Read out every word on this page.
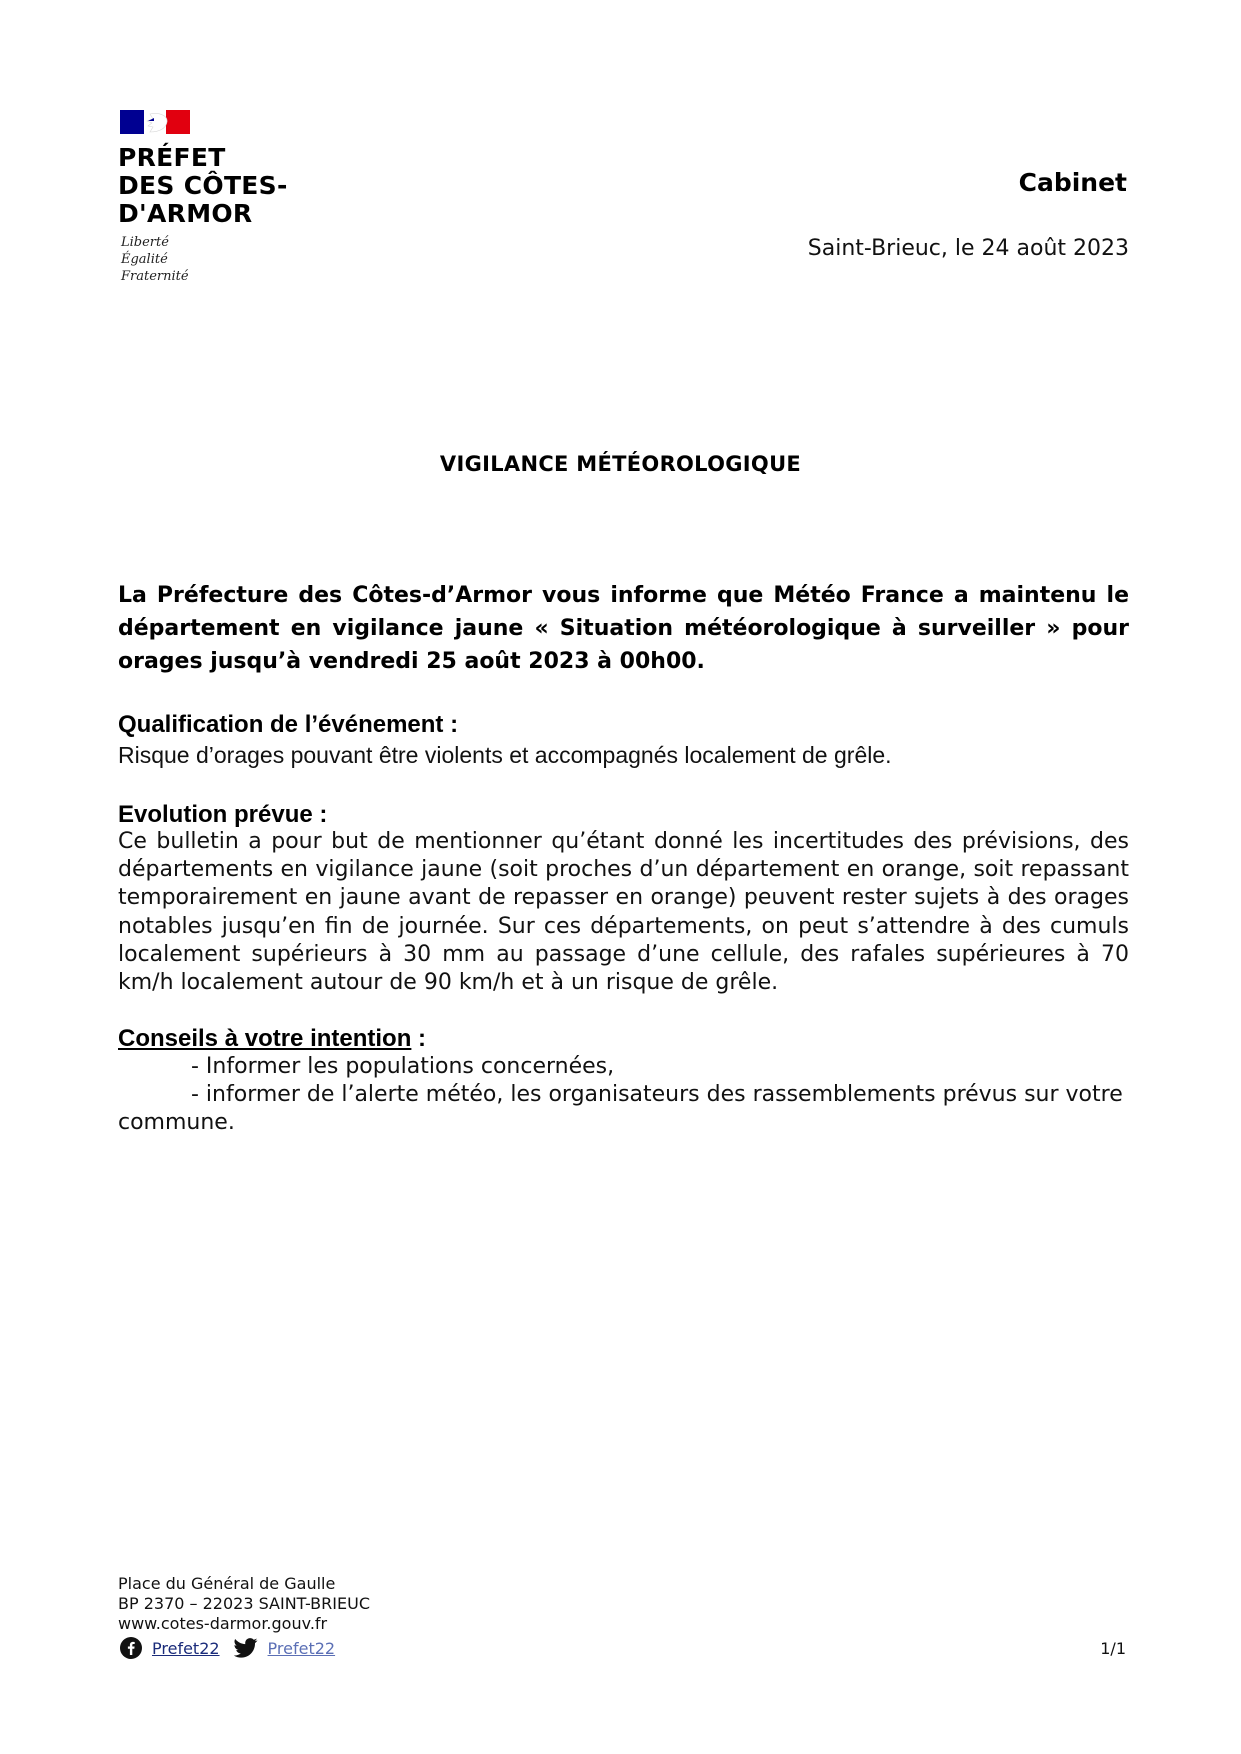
PRÉFET
DES CÔTES-
D'ARMOR
Liberté
Égalité
Fraternité
Cabinet
Saint-Brieuc, le 24 août 2023
VIGILANCE MÉTÉOROLOGIQUE
La Préfecture des Côtes-d’Armor vous informe que Météo France a maintenu le département en vigilance jaune « Situation météorologique à surveiller » pour orages jusqu’à vendredi 25 août 2023 à 00h00.
Qualification de l’événement :
Risque d’orages pouvant être violents et accompagnés localement de grêle.
Evolution prévue :
Ce bulletin a pour but de mentionner qu’étant donné les incertitudes des prévisions, des départements en vigilance jaune (soit proches d’un département en orange, soit repassant temporairement en jaune avant de repasser en orange) peuvent rester sujets à des orages notables jusqu’en fin de journée. Sur ces départements, on peut s’attendre à des cumuls localement supérieurs à 30 mm au passage d’une cellule, des rafales supérieures à 70 km/h localement autour de 90 km/h et à un risque de grêle.
Conseils à votre intention :
- Informer les populations concernées,
- informer de l’alerte météo, les organisateurs des rassemblements prévus sur votre
commune.
Place du Général de Gaulle
BP 2370 – 22023 SAINT-BRIEUC
www.cotes-darmor.gouv.fr
Prefet22	Prefet22	1/1
